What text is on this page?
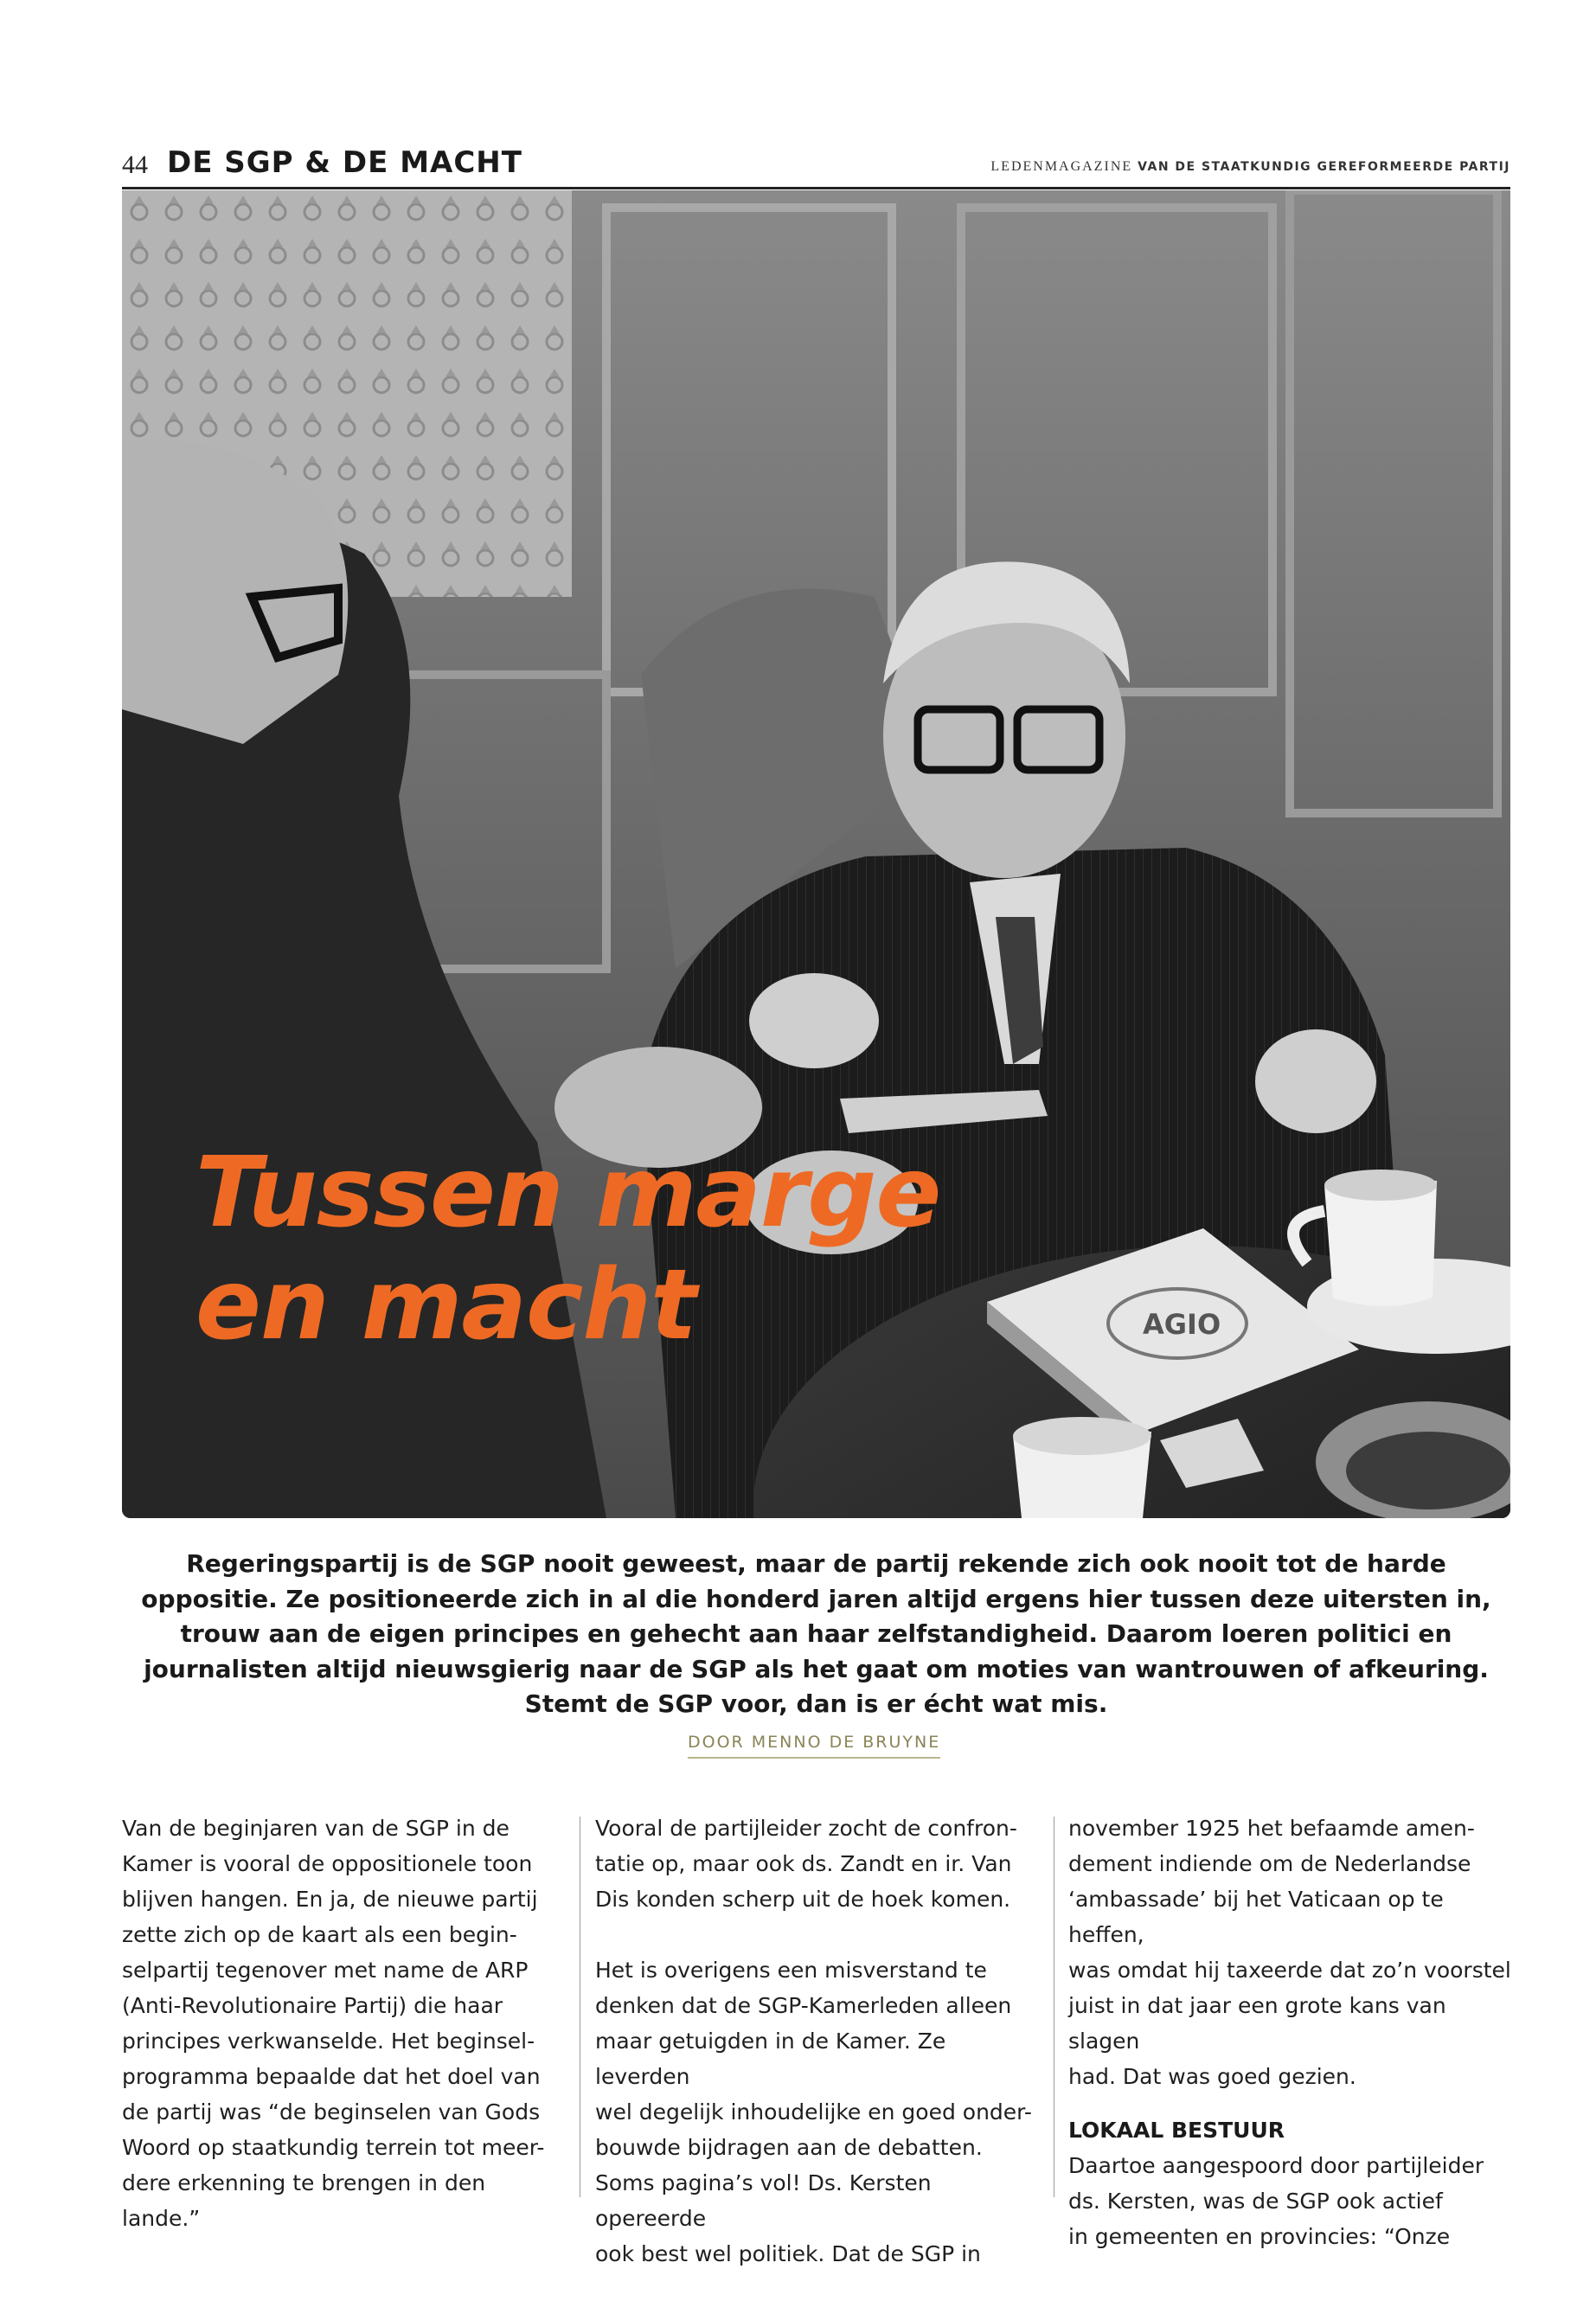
44 DE SGP & DE MACHT	LEDENMAGAZINE VAN DE STAATKUNDIG GEREFORMEERDE PARTIJ
AGIO
Tussen marge
en macht

Regeringspartij is de SGP nooit geweest, maar de partij rekende zich ook nooit tot de harde oppositie. Ze positioneerde zich in al die honderd jaren altijd ergens hier tussen deze uitersten in, trouw aan de eigen principes en gehecht aan haar zelfstandigheid. Daarom loeren politici en journalisten altijd nieuwsgierig naar de SGP als het gaat om moties van wantrouwen of afkeuring. Stemt de SGP voor, dan is er écht wat mis.

DOOR MENNO DE BRUYNE

Van de beginjaren van de SGP in de
Kamer is vooral de oppositionele toon
blijven hangen. En ja, de nieuwe partij
zette zich op de kaart als een begin-
selpartij tegenover met name de ARP
(Anti-Revolutionaire Partij) die haar
principes verkwanselde. Het beginsel-
programma bepaalde dat het doel van
de partij was “de beginselen van Gods
Woord op staatkundig terrein tot meer-
dere erkenning te brengen in den lande.”

Vooral de partijleider zocht de confron-
tatie op, maar ook ds. Zandt en ir. Van
Dis konden scherp uit de hoek komen.

Het is overigens een misverstand te
denken dat de SGP-Kamerleden alleen
maar getuigden in de Kamer. Ze leverden
wel degelijk inhoudelijke en goed onder-
bouwde bijdragen aan de debatten.
Soms pagina’s vol! Ds. Kersten opereerde
ook best wel politiek. Dat de SGP in

november 1925 het befaamde amen-
dement indiende om de Nederlandse
‘ambassade’ bij het Vaticaan op te heffen,
was omdat hij taxeerde dat zo’n voorstel
juist in dat jaar een grote kans van slagen
had. Dat was goed gezien.

LOKAAL BESTUUR

Daartoe aangespoord door partijleider
ds. Kersten, was de SGP ook actief
in gemeenten en provincies: “Onze
